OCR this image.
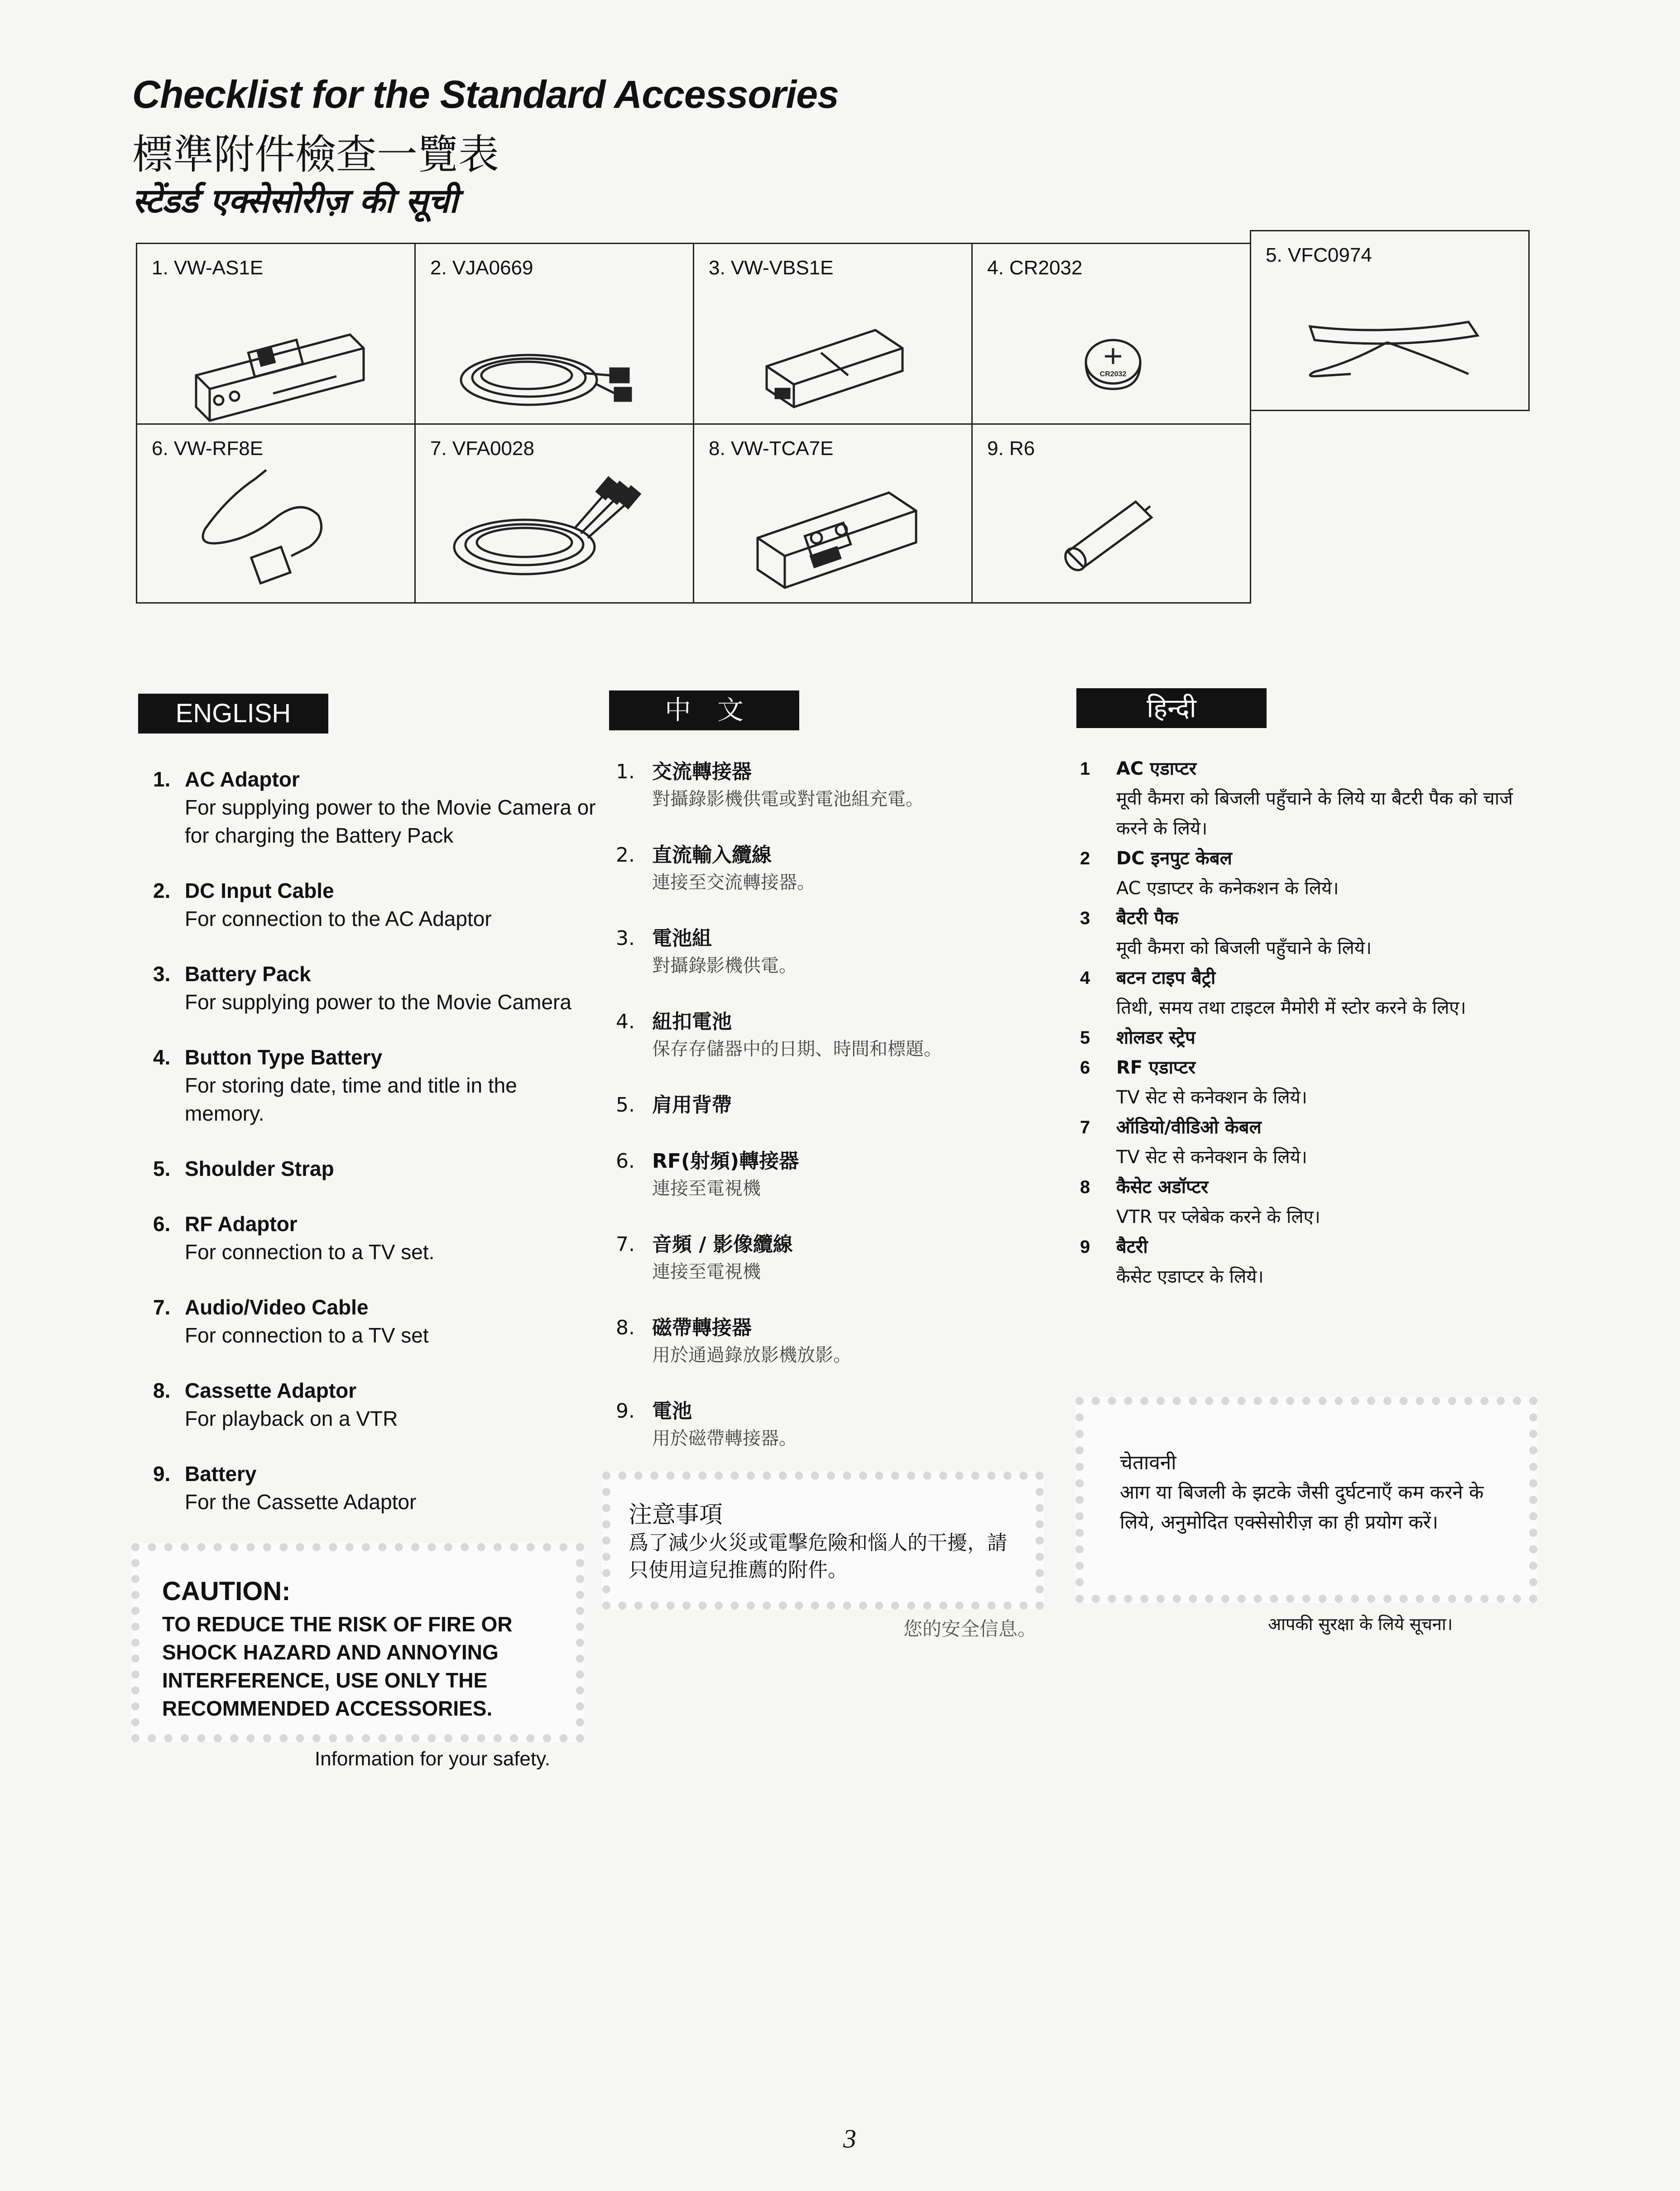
Checklist for the Standard Accessories
標準附件檢查一覽表
स्टेंडर्ड एक्सेसोरीज़ की सूची
1. VW-AS1E	2. VJA0669	3. VW-VBS1E	4. CR2032
CR2032
5. VFC0974
6. VW-RF8E	7. VFA0028	8. VW-TCA7E	9. R6
ENGLISH
1. AC Adaptor
For supplying power to the Movie Camera or for charging the Battery Pack
2. DC Input Cable
For connection to the AC Adaptor
3. Battery Pack
For supplying power to the Movie Camera
4. Button Type Battery
For storing date, time and title in the memory.
5. Shoulder Strap
6. RF Adaptor
For connection to a TV set.
7. Audio/Video Cable
For connection to a TV set
8. Cassette Adaptor
For playback on a VTR
9. Battery
For the Cassette Adaptor
CAUTION:
TO REDUCE THE RISK OF FIRE OR SHOCK HAZARD AND ANNOYING INTERFERENCE, USE ONLY THE RECOMMENDED ACCESSORIES.
Information for your safety.
中　文
1. 交流轉接器
對攝錄影機供電或對電池組充電。
2. 直流輸入纜線
連接至交流轉接器。
3. 電池組
對攝錄影機供電。
4. 紐扣電池
保存存儲器中的日期、時間和標題。
5. 肩用背帶
6. RF(射頻)轉接器
連接至電視機
7. 音頻 / 影像纜線
連接至電視機
8. 磁帶轉接器
用於通過錄放影機放影。
9. 電池
用於磁帶轉接器。
注意事項
爲了減少火災或電擊危險和惱人的干擾，請只使用這兒推薦的附件。
您的安全信息。
हिन्दी
1 AC एडाप्टर
मूवी कैमरा को बिजली पहुँचाने के लिये या बैटरी पैक को चार्ज करने के लिये।
2 DC इनपुट केबल
AC एडाप्टर के कनेकशन के लिये।
3 बैटरी पैक
मूवी कैमरा को बिजली पहुँचाने के लिये।
4 बटन टाइप बैट्री
तिथी, समय तथा टाइटल मैमोरी में स्टोर करने के लिए।
5 शोलडर स्ट्रेप
6 RF एडाप्टर
TV सेट से कनेक्शन के लिये।
7 ऑडियो/वीडिओ केबल
TV सेट से कनेक्शन के लिये।
8 कैसेट अडॉप्टर
VTR पर प्लेबेक करने के लिए।
9 बैटरी
कैसेट एडाप्टर के लिये।
चेतावनी
आग या बिजली के झटके जैसी दुर्घटनाएँ कम करने के लिये, अनुमोदित एक्सेसोरीज़ का ही प्रयोग करें।
आपकी सुरक्षा के लिये सूचना।
3
